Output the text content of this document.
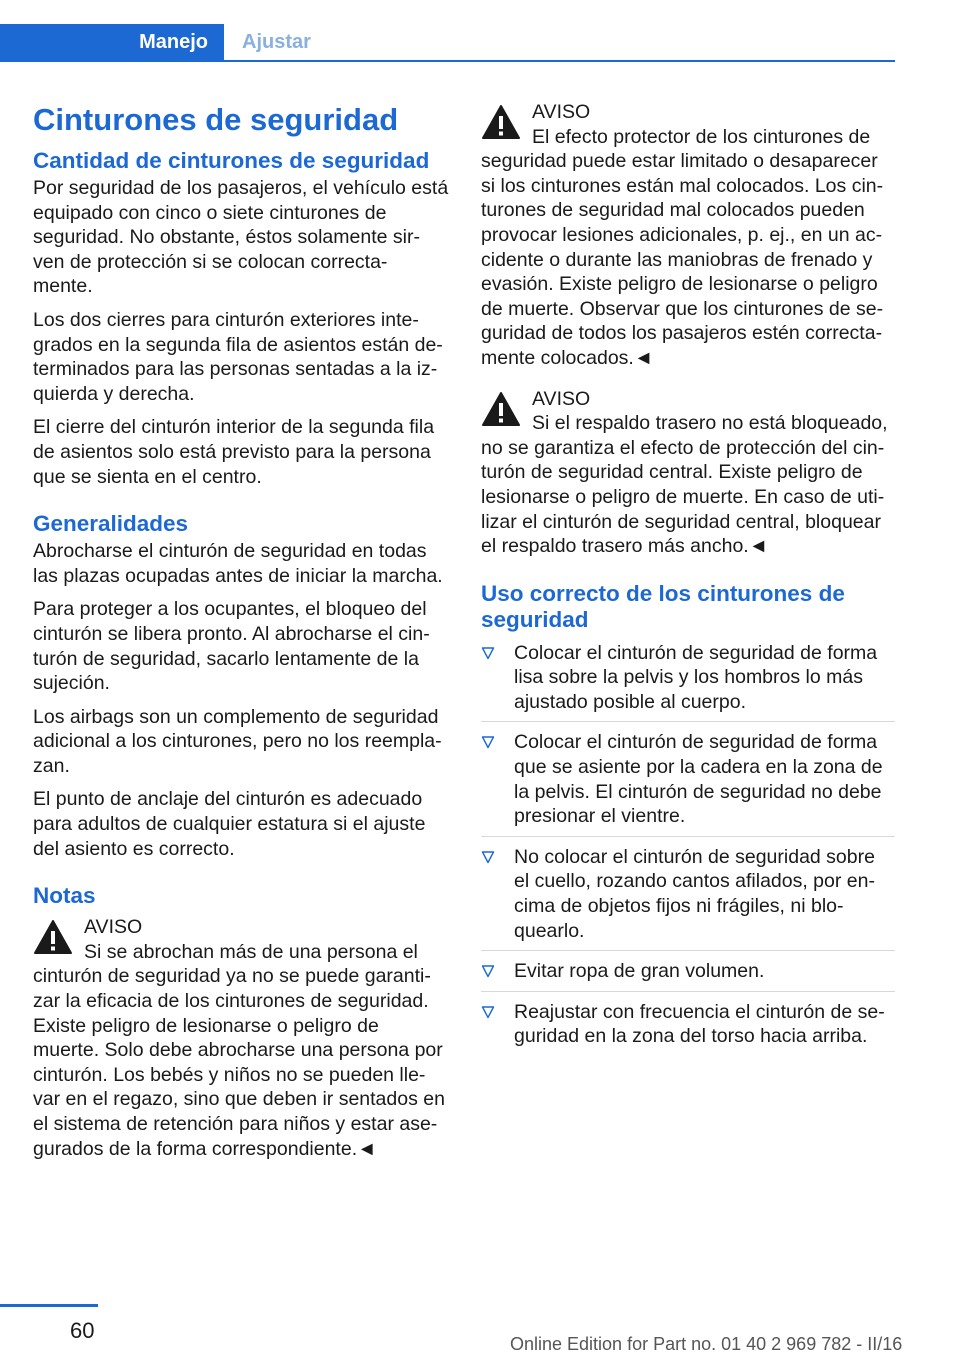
Manejo Ajustar
Cinturones de seguridad
Cantidad de cinturones de seguridad

Por seguridad de los pasajeros, el vehículo está equipado con cinco o siete cinturones de seguridad. No obstante, éstos solamente sir‐ ven de protección si se colocan correcta‐ mente.

Los dos cierres para cinturón exteriores inte‐ grados en la segunda fila de asientos están de‐ terminados para las personas sentadas a la iz‐ quierda y derecha.

El cierre del cinturón interior de la segunda fila de asientos solo está previsto para la persona que se sienta en el centro.

Generalidades

Abrocharse el cinturón de seguridad en todas las plazas ocupadas antes de iniciar la marcha.

Para proteger a los ocupantes, el bloqueo del cinturón se libera pronto. Al abrocharse el cin‐ turón de seguridad, sacarlo lentamente de la sujeción.

Los airbags son un complemento de seguridad adicional a los cinturones, pero no los reempla‐ zan.

El punto de anclaje del cinturón es adecuado para adultos de cualquier estatura si el ajuste del asiento es correcto.

Notas
AVISO

Si se abrochan más de una persona el cinturón de seguridad ya no se puede garanti‐ zar la eficacia de los cinturones de seguridad. Existe peligro de lesionarse o peligro de muerte. Solo debe abrocharse una persona por cinturón. Los bebés y niños no se pueden lle‐ var en el regazo, sino que deben ir sentados en el sistema de retención para niños y estar ase‐ gurados de la forma correspondiente.◄

AVISO

El efecto protector de los cinturones de seguridad puede estar limitado o desaparecer si los cinturones están mal colocados. Los cin‐ turones de seguridad mal colocados pueden provocar lesiones adicionales, p. ej., en un ac‐ cidente o durante las maniobras de frenado y evasión. Existe peligro de lesionarse o peligro de muerte. Observar que los cinturones de se‐ guridad de todos los pasajeros estén correcta‐ mente colocados.◄

AVISO

Si el respaldo trasero no está bloqueado, no se garantiza el efecto de protección del cin‐ turón de seguridad central. Existe peligro de lesionarse o peligro de muerte. En caso de uti‐ lizar el cinturón de seguridad central, bloquear el respaldo trasero más ancho.◄

Uso correcto de los cinturones de seguridad
Colocar el cinturón de seguridad de forma lisa sobre la pelvis y los hombros lo más ajustado posible al cuerpo.
Colocar el cinturón de seguridad de forma que se asiente por la cadera en la zona de la pelvis. El cinturón de seguridad no debe presionar el vientre.
No colocar el cinturón de seguridad sobre el cuello, rozando cantos afilados, por en‐ cima de objetos fijos ni frágiles, ni blo‐ quearlo.
Evitar ropa de gran volumen.
Reajustar con frecuencia el cinturón de se‐ guridad en la zona del torso hacia arriba.
60
Online Edition for Part no. 01 40 2 969 782 - II/16
